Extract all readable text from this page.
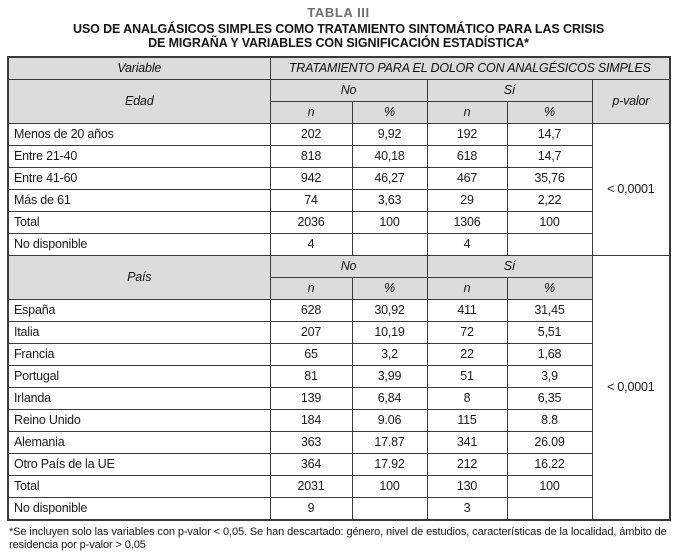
TABLA III
USO DE ANALGÁSICOS SIMPLES COMO TRATAMIENTO SINTOMÁTICO PARA LAS CRISIS
DE MIGRAÑA Y VARIABLES CON SIGNIFICACIÓN ESTADÍSTICA*
Variable	TRATAMIENTO PARA EL DOLOR CON ANALGÉSICOS SIMPLES				
Edad	No		Sí		p-valor
	n	%	n	%	
Menos de 20 años	202	9,92	192	14,7	< 0,0001
Entre 21-40	818	40,18	618	14,7	
Entre 41-60	942	46,27	467	35,76	
Más de 61	74	3,63	29	2,22	
Total	2036	100	1306	100	
No disponible	4		4		
País	No		Sí		< 0,0001
	n	%	n	%	
España	628	30,92	411	31,45	
Italia	207	10,19	72	5,51	
Francia	65	3,2	22	1,68	
Portugal	81	3,99	51	3,9	
Irlanda	139	6,84	8	6,35	
Reino Unido	184	9.06	115	8.8	
Alemania	363	17.87	341	26.09	
Otro País de la UE	364	17.92	212	16.22	
Total	2031	100	130	100	
No disponible	9		3		
*Se incluyen solo las variables con p-valor < 0,05. Se han descartado: género, nivel de estudios, características de la localidad, ámbito de residencia por p-valor > 0,05
